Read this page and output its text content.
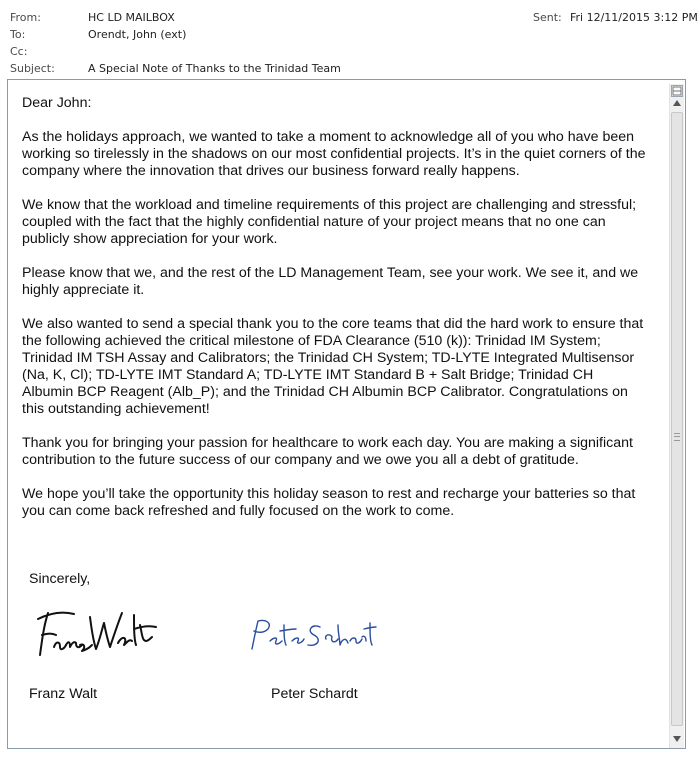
From:	HC LD MAILBOX	Sent: Fri 12/11/2015 3:12 PM
To:	Orendt, John (ext)
Cc:
Subject:	A Special Note of Thanks to the Trinidad Team

Dear John:

As the holidays approach, we wanted to take a moment to acknowledge all of you who have been working so tirelessly in the shadows on our most confidential projects. It’s in the quiet corners of the company where the innovation that drives our business forward really happens.

We know that the workload and timeline requirements of this project are challenging and stressful; coupled with the fact that the highly confidential nature of your project means that no one can publicly show appreciation for your work.

Please know that we, and the rest of the LD Management Team, see your work. We see it, and we highly appreciate it.

We also wanted to send a special thank you to the core teams that did the hard work to ensure that the following achieved the critical milestone of FDA Clearance (510 (k)): Trinidad IM System; Trinidad IM TSH Assay and Calibrators; the Trinidad CH System; TD-LYTE Integrated Multisensor (Na, K, Cl); TD-LYTE IMT Standard A; TD-LYTE IMT Standard B + Salt Bridge; Trinidad CH Albumin BCP Reagent (Alb_P); and the Trinidad CH Albumin BCP Calibrator. Congratulations on this outstanding achievement!

Thank you for bringing your passion for healthcare to work each day. You are making a significant contribution to the future success of our company and we owe you all a debt of gratitude.

We hope you’ll take the opportunity this holiday season to rest and recharge your batteries so that you can come back refreshed and fully focused on the work to come.

Sincerely,
Franz Walt	Peter Schardt
